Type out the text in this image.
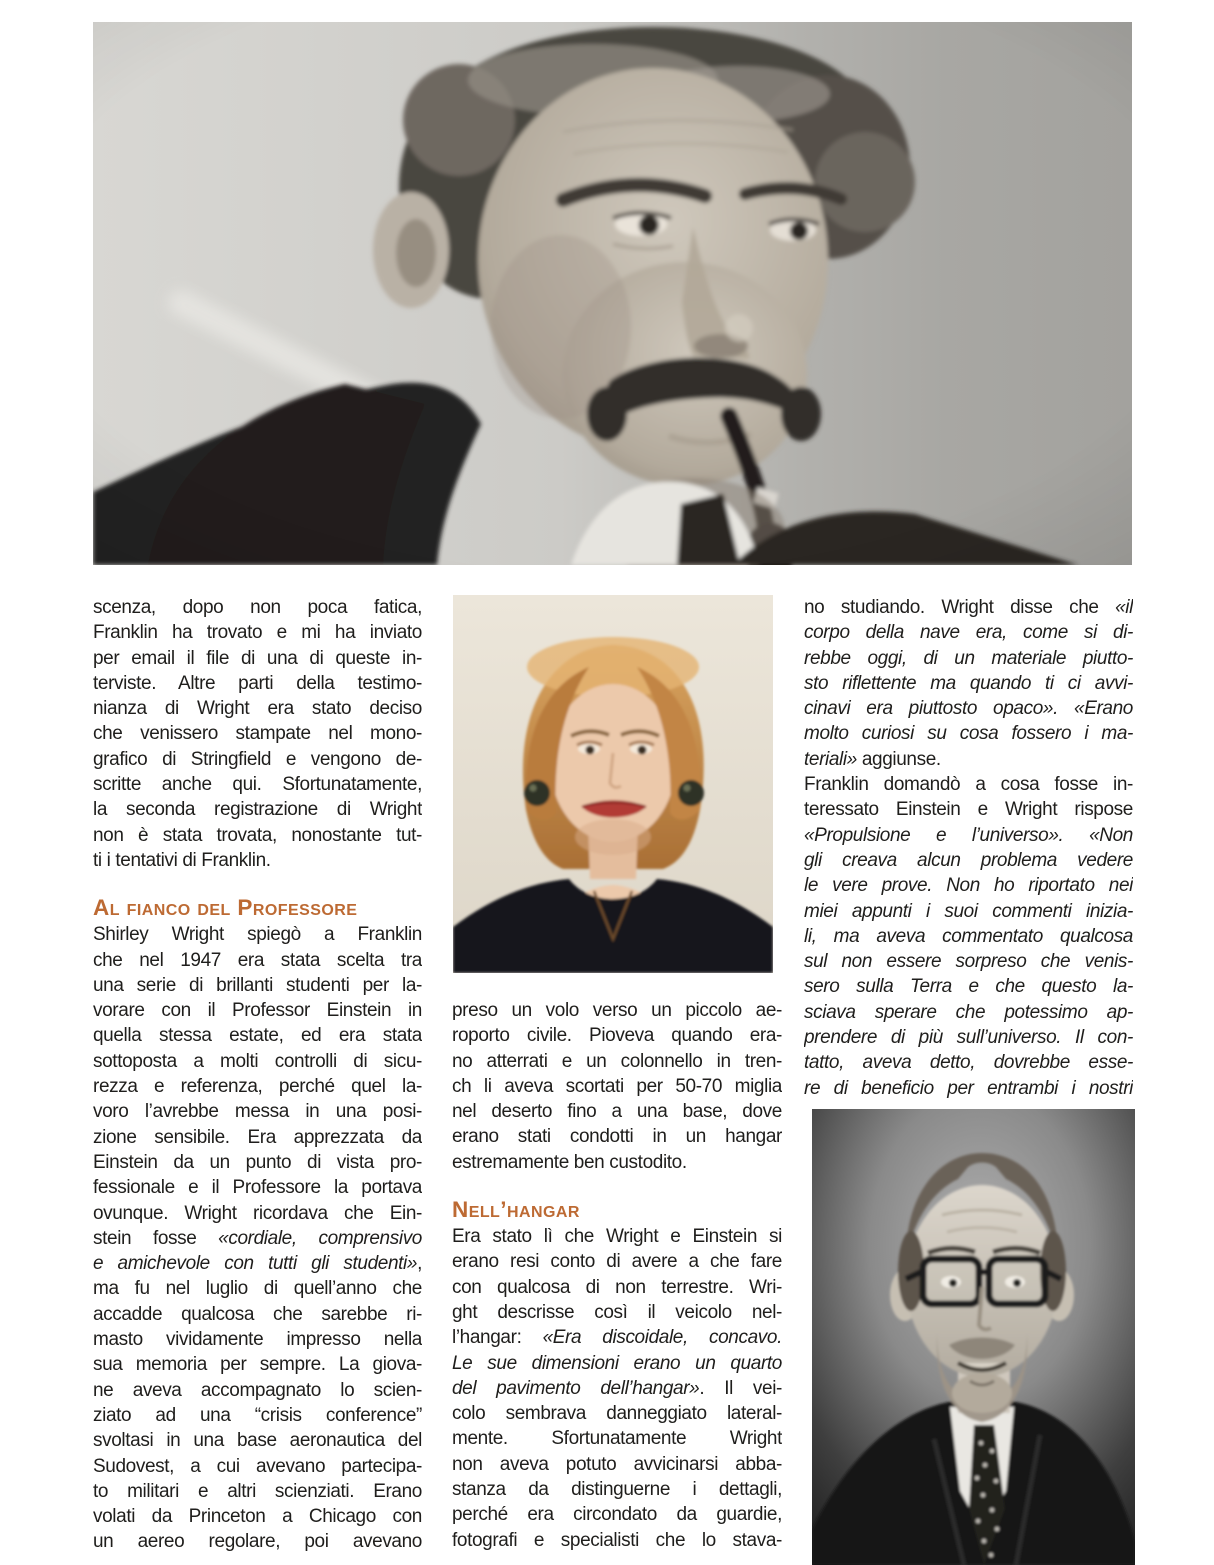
scenza, dopo non poca fatica,
Franklin ha trovato e mi ha inviato
per email il file di una di queste in-
terviste. Altre parti della testimo-
nianza di Wright era stato deciso
che venissero stampate nel mono-
grafico di Stringfield e vengono de-
scritte anche qui. Sfortunatamente,
la seconda registrazione di Wright
non è stata trovata, nonostante tut-
ti i tentativi di Franklin.
Al fianco del Professore
Shirley Wright spiegò a Franklin
che nel 1947 era stata scelta tra
una serie di brillanti studenti per la-
vorare con il Professor Einstein in
quella stessa estate, ed era stata
sottoposta a molti controlli di sicu-
rezza e referenza, perché quel la-
voro l’avrebbe messa in una posi-
zione sensibile. Era apprezzata da
Einstein da un punto di vista pro-
fessionale e il Professore la portava
ovunque. Wright ricordava che Ein-
stein fosse «cordiale, comprensivo
e amichevole con tutti gli studenti»,
ma fu nel luglio di quell’anno che
accadde qualcosa che sarebbe ri-
masto vividamente impresso nella
sua memoria per sempre. La giova-
ne aveva accompagnato lo scien-
ziato ad una “crisis conference”
svoltasi in una base aeronautica del
Sudovest, a cui avevano partecipa-
to militari e altri scienziati. Erano
volati da Princeton a Chicago con
un aereo regolare, poi avevano
preso un volo verso un piccolo ae-
roporto civile. Pioveva quando era-
no atterrati e un colonnello in tren-
ch li aveva scortati per 50-70 miglia
nel deserto fino a una base, dove
erano stati condotti in un hangar
estremamente ben custodito.
Nell’hangar
Era stato lì che Wright e Einstein si
erano resi conto di avere a che fare
con qualcosa di non terrestre. Wri-
ght descrisse così il veicolo nel-
l’hangar: «Era discoidale, concavo.
Le sue dimensioni erano un quarto
del pavimento dell’hangar». Il vei-
colo sembrava danneggiato lateral-
mente. Sfortunatamente Wright
non aveva potuto avvicinarsi abba-
stanza da distinguerne i dettagli,
perché era circondato da guardie,
fotografi e specialisti che lo stava-
no studiando. Wright disse che «il
corpo della nave era, come si di-
rebbe oggi, di un materiale piutto-
sto riflettente ma quando ti ci avvi-
cinavi era piuttosto opaco». «Erano
molto curiosi su cosa fossero i ma-
teriali» aggiunse.
Franklin domandò a cosa fosse in-
teressato Einstein e Wright rispose
«Propulsione e l’universo». «Non
gli creava alcun problema vedere
le vere prove. Non ho riportato nei
miei appunti i suoi commenti inizia-
li, ma aveva commentato qualcosa
sul non essere sorpreso che venis-
sero sulla Terra e che questo la-
sciava sperare che potessimo ap-
prendere di più sull’universo. Il con-
tatto, aveva detto, dovrebbe esse-
re di beneficio per entrambi i nostri
